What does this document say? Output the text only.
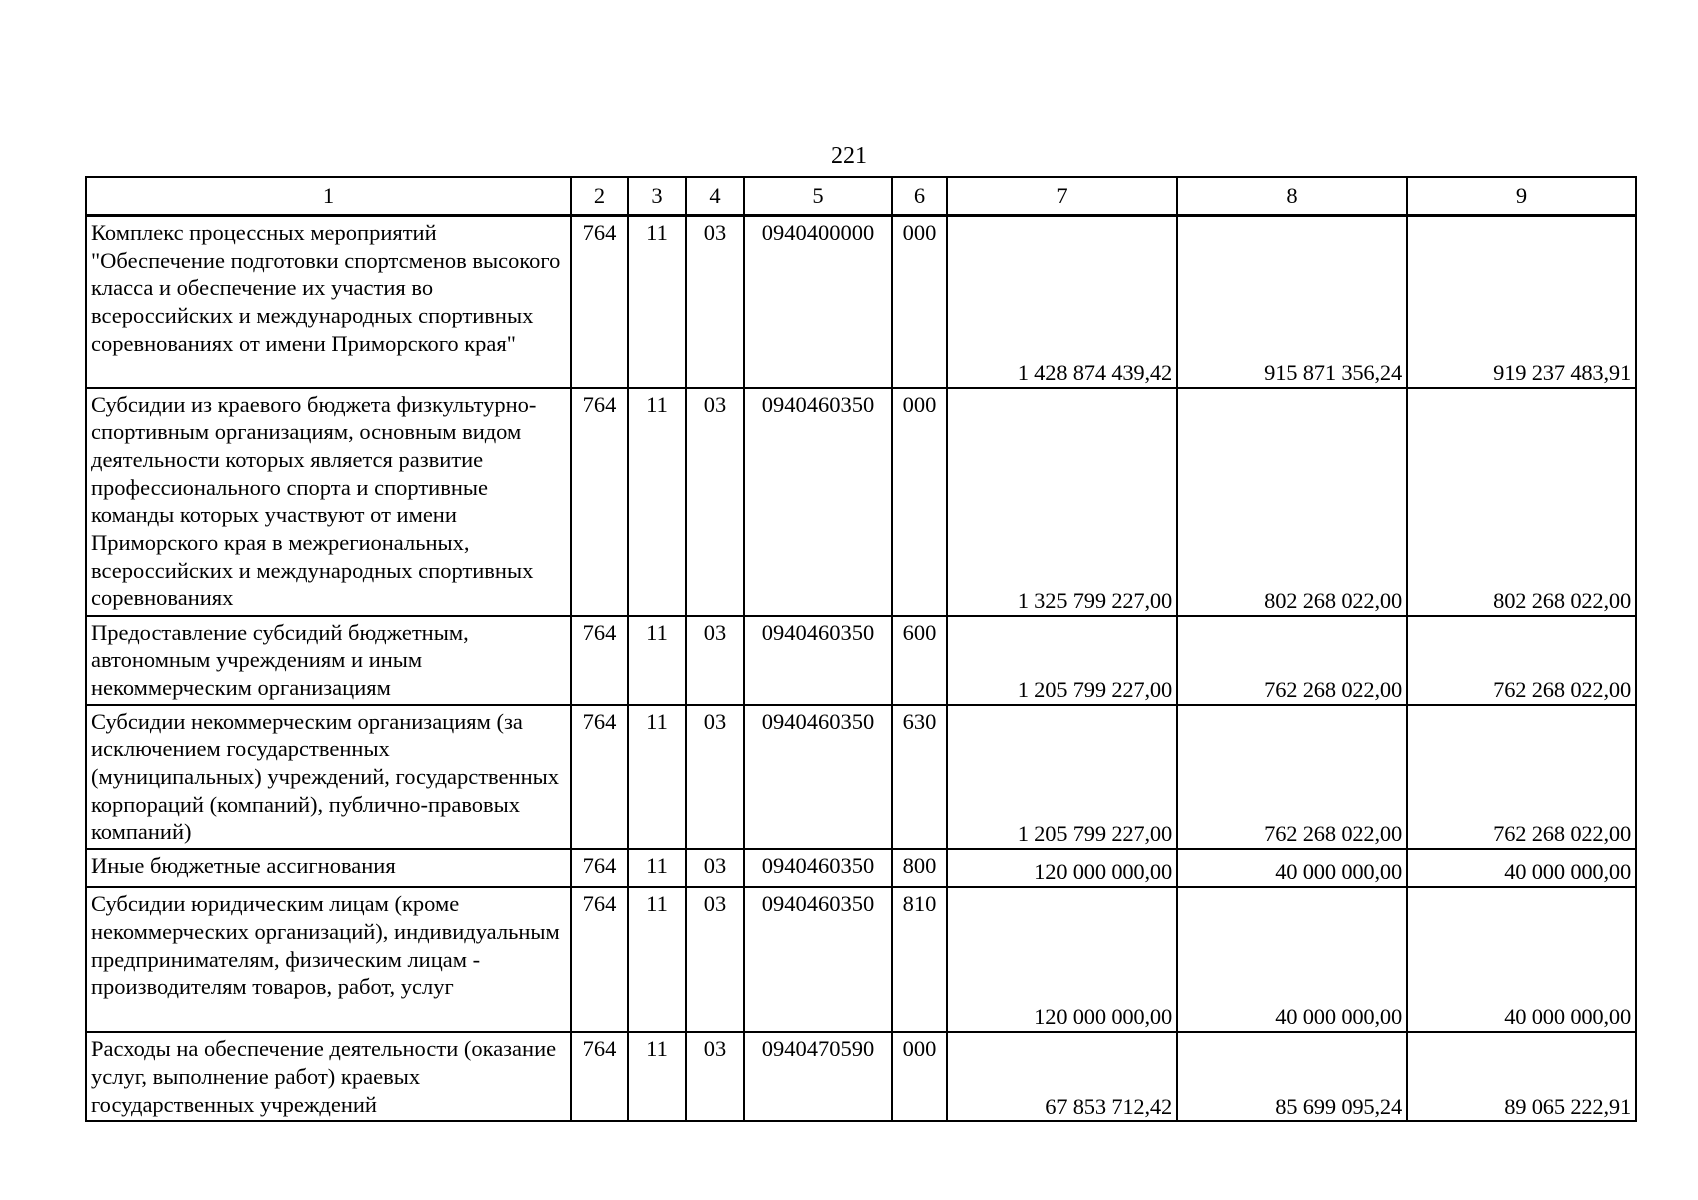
221
1	2	3	4	5	6	7	8	9
Комплекс процессных мероприятий "Обеспечение подготовки спортсменов высокого класса и обеспечение их участия во всероссийских и международных спортивных соревнованиях от имени Приморского края"	764	11	03	0940400000	000	1 428 874 439,42	915 871 356,24	919 237 483,91
Субсидии из краевого бюджета физкультурно-спортивным организациям, основным видом деятельности которых является развитие профессионального спорта и спортивные команды которых участвуют от имени Приморского края в межрегиональных, всероссийских и международных спортивных соревнованиях	764	11	03	0940460350	000	1 325 799 227,00	802 268 022,00	802 268 022,00
Предоставление субсидий бюджетным, автономным учреждениям и иным некоммерческим организациям	764	11	03	0940460350	600	1 205 799 227,00	762 268 022,00	762 268 022,00
Субсидии некоммерческим организациям (за исключением государственных (муниципальных) учреждений, государственных корпораций (компаний), публично-правовых компаний)	764	11	03	0940460350	630	1 205 799 227,00	762 268 022,00	762 268 022,00
Иные бюджетные ассигнования	764	11	03	0940460350	800	120 000 000,00	40 000 000,00	40 000 000,00
Субсидии юридическим лицам (кроме некоммерческих организаций), индивидуальным предпринимателям, физическим лицам - производителям товаров, работ, услуг	764	11	03	0940460350	810	120 000 000,00	40 000 000,00	40 000 000,00
Расходы на обеспечение деятельности (оказание услуг, выполнение работ) краевых государственных учреждений	764	11	03	0940470590	000	67 853 712,42	85 699 095,24	89 065 222,91
